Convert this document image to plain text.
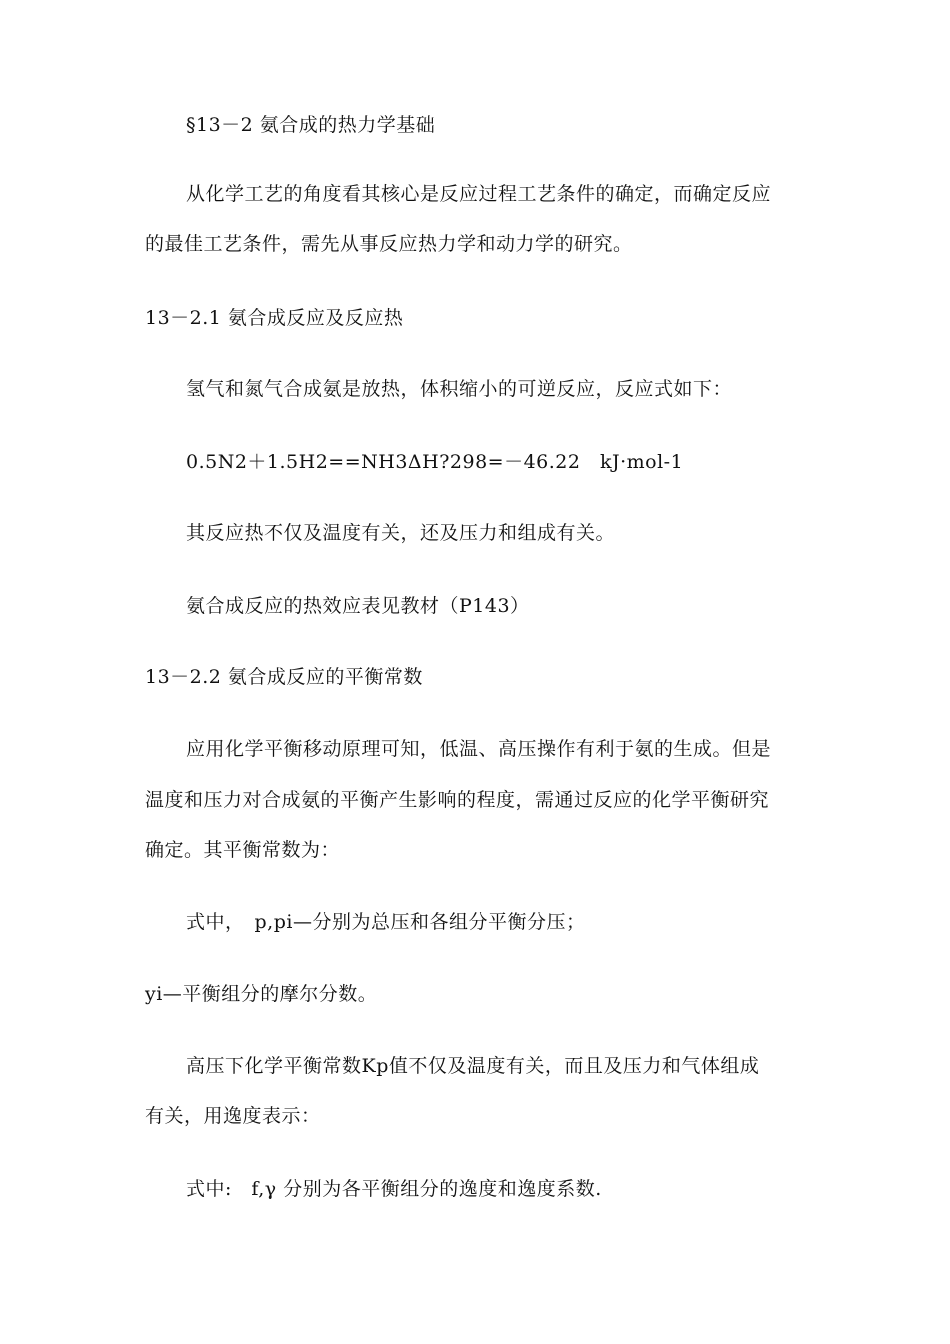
§13－2 氨合成的热力学基础
从化学工艺的角度看其核心是反应过程工艺条件的确定，而确定反应
的最佳工艺条件，需先从事反应热力学和动力学的研究。
13－2.1 氨合成反应及反应热
氢气和氮气合成氨是放热，体积缩小的可逆反应，反应式如下：
0.5N2＋1.5H2==NH3ΔH?298=－46.22　kJ·mol-1
其反应热不仅及温度有关，还及压力和组成有关。
氨合成反应的热效应表见教材（P143）
13－2.2 氨合成反应的平衡常数
应用化学平衡移动原理可知，低温、高压操作有利于氨的生成。但是
温度和压力对合成氨的平衡产生影响的程度，需通过反应的化学平衡研究
确定。其平衡常数为：
式中，　p,pi—分别为总压和各组分平衡分压；
yi—平衡组分的摩尔分数。
高压下化学平衡常数Kp值不仅及温度有关，而且及压力和气体组成
有关，用逸度表示：
式中:　f,γ 分别为各平衡组分的逸度和逸度系数.
